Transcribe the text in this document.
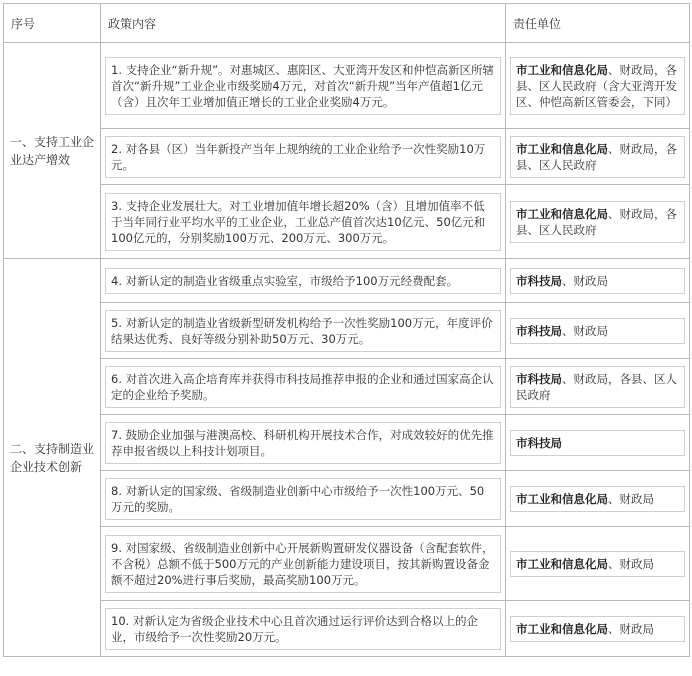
序号	政策内容	责任单位
一、支持工业企业达产增效	1. 支持企业“新升规”。对惠城区、惠阳区、大亚湾开发区和仲恺高新区所辖首次“新升规”工业企业市级奖励4万元，对首次“新升规”当年产值超1亿元（含）且次年工业增加值正增长的工业企业奖励4万元。	市工业和信息化局、财政局，各县、区人民政府（含大亚湾开发区、仲恺高新区管委会，下同）

	2. 对各县（区）当年新投产当年上规纳统的工业企业给予一次性奖励10万元。	市工业和信息化局、财政局，各县、区人民政府

	3. 支持企业发展壮大。对工业增加值年增长超20%（含）且增加值率不低于当年同行业平均水平的工业企业，工业总产值首次达10亿元、50亿元和100亿元的，分别奖励100万元、200万元、300万元。	市工业和信息化局、财政局，各县、区人民政府

二、支持制造业企业技术创新	4. 对新认定的制造业省级重点实验室，市级给予100万元经费配套。	市科技局、财政局

	5. 对新认定的制造业省级新型研发机构给予一次性奖励100万元，年度评价结果达优秀、良好等级分别补助50万元、30万元。	市科技局、财政局

	6. 对首次进入高企培育库并获得市科技局推荐申报的企业和通过国家高企认定的企业给予奖励。	市科技局、财政局，各县、区人民政府

	7. 鼓励企业加强与港澳高校、科研机构开展技术合作，对成效较好的优先推荐申报省级以上科技计划项目。	市科技局

	8. 对新认定的国家级、省级制造业创新中心市级给予一次性100万元、50万元的奖励。	市工业和信息化局、财政局

	9. 对国家级、省级制造业创新中心开展新购置研发仪器设备（含配套软件，不含税）总额不低于500万元的产业创新能力建设项目，按其新购置设备金额不超过20%进行事后奖励，最高奖励100万元。	市工业和信息化局、财政局

	10. 对新认定为省级企业技术中心且首次通过运行评价达到合格以上的企业，市级给予一次性奖励20万元。	市工业和信息化局、财政局
